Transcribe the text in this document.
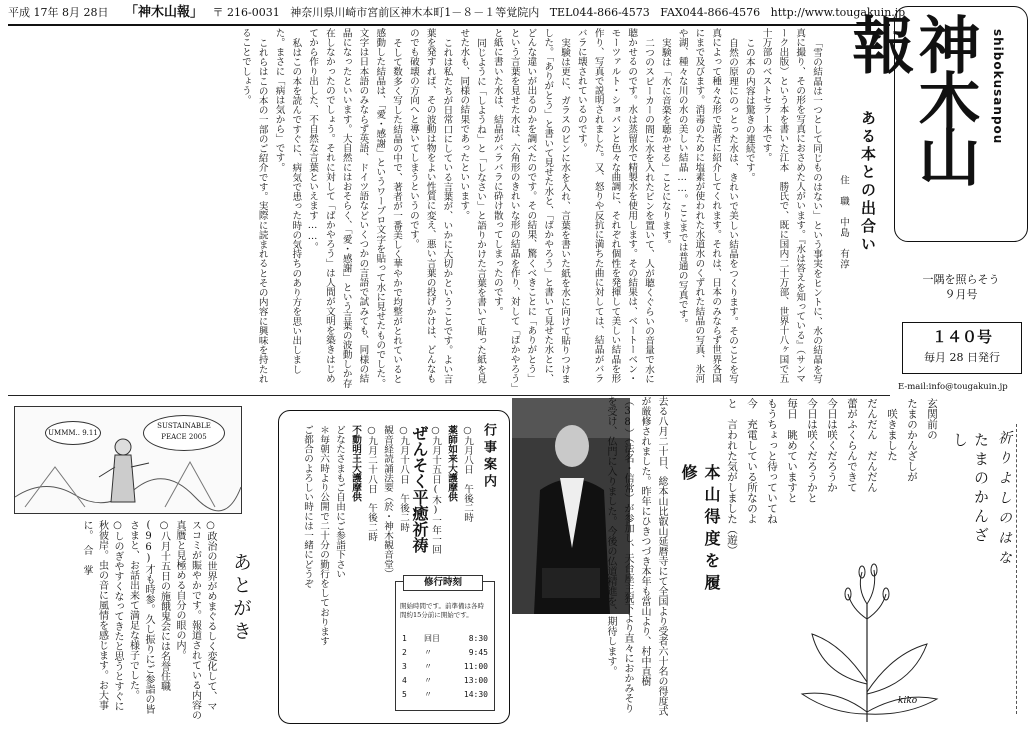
平成 17年 8月 28日 「神木山報」 〒 216-0031 神奈川県川崎市宮前区神木本町1－８－１等覚院内 TEL044-866-4573 FAX044-866-4576 http://www.tougakuin.jp
神木山報	shibokusanpou
一隅を照らそう
９月号
１４０号
毎月 28 日発行
E-mail:info@tougakuin.jp
ある本との出合い
住　職　中島　有淳

「雪の結晶は一つとして同じものはない」という事実をヒントに、水の結晶を写真に撮り、その形を写真におさめた人がいます。『水は答えを知っている』（サンマーク出版）という本を書いた江本　勝氏で、既に国内二十万部、世界十八ヶ国で五十万部のベストセラー本です。

この本の内容は驚きの連続です。

自然の原理にのっとった水は、きれいで美しい結晶をつくります。そのことを写真によって種々な形で読者に紹介してくれます。それは、日本のみならず世界各国にまで及びます。消毒のために塩素が使われた水道水のくずれた結晶の写真、氷河や湖、種々な川の水の美しい結晶……。ここまでは普通の写真です。

実験は「水に音楽を聴かせる」ことになります。

二つのスピーカーの間に水を入れたビンを置いて、人が聴くぐらいの音量で水に聴かせるのです。水は蒸留水で精製水を使用します。その結果は、ベートーベン・モーツァルト・ショパンと色々な曲調に、それぞれ個性を発揮して美しい結晶を形作り、写真で説明されました。又、怒りや反抗に満ちた曲に対しては、結晶がバラバラに壊されているのです。

実験は更に、ガラスのビンに水を入れ、言葉を書いた紙を水に向けて貼りつけました。「ありがとう」と書いて見せた水と、「ばかやろう」と書いて見せた水とに、どんな違いが出るのかを調べたのです。その結果、驚くべきことに「ありがとう」という言葉を見せた水は、六角形のきれいな形の結晶を作り、対して「ばかやろう」と紙に書いた水は、結晶がバラバラに砕け散ってしまったのです。

同じように「しようね」と「しなさい」と語りかけた言葉を書いて貼った紙を見せた水も、同様の結果であったといいます。

これは私たちが日常口にしている言葉が、いかに大切かということです。よい言葉を発すれば、その波動は物をよい性質に変え、悪い言葉の投げかけは、どんなものでも破壊の方向へと導いてしまうというのです。

そして数多く写した結晶の中で、著者が一番美しく華やかで均整がとれていると感動した結晶は、「愛・感謝」というワープロ文字を貼って水に見せたものでした。文字は日本語のみならず英語、ドイツ語などいくつかの言語で試みても、同様の結晶になったといいます。大自然にはおそらく、「愛・感謝」という言葉の波動しか存在しなかったのでしょう。それに対して「ばかやろう」は人間が文明を築きはじめてから作り出した、不自然な言葉といえます……。

私はこの本を読んですぐに、病気で患った時の気持ちのあり方を思い出しました。まさに「病は気から」です。

これらはこの本の一部のご紹介です。実際に読まれるとその内容に興味を持たれることでしょう。

UMMM.. 9.11
SUSTAINABLE PEACE 2005
あとがき

○政治の世界がめまぐるしく変化して、マスコミが賑やかです。報道されている内容の真贋と見極める自分の眼の内。

○八月十五日の施餓鬼会には名誉住職(96)才も時参。久し振りにご参詣の皆さまと、お話出来て満足な様子でした。

○しのぎやすくなってきたと思うとすぐに秋彼岸。虫の音に風情を感じます。お大事に。　合　掌

行事案内

○九月八日　午後二時

薬師如来大護摩供

○九月十五日(木)一年一回

ぜんそく平癒祈祷

○九月十八日　午後二時

観音経読誦法要（於・神木観音堂）

○九月二十八日　午後二時

不動明王大護摩供

どなたさまもご自由にご参詣下さい

＊毎朝六時より公開で二十分の勤行をしております

ご都合のよろしい時には一緒にどうぞ

開始時間です。前準備は各時間約15分前に開始です。
1 回目	8:30
2 〃	9:45
3 〃	11:00
4 〃	13:00
5 〃	14:30
修行時刻	本山得度を履修

去る八月二十日、総本山比叡山延暦寺にて全国より受者六十名の得度式が厳修されました。昨年にひきつづき本年も當山より、村中直樹（38）（法名・信常）が参加し、天台座主猊下より直々におかみそりを受け、仏門に入りました。今後の仏道精進を、期待します。	たまのかんざし

玄関前の

たまのかんざしが

　咲きました

だんだん　だんだん

蕾がふくらんできて

今日は咲くだろうか

今日は咲くだろうかと

毎日　眺めていますと

もうちょっと待っていてね

今　充電している所なのよ

と　言われた気がしました（遊）	祈りよしのはな
kiko
